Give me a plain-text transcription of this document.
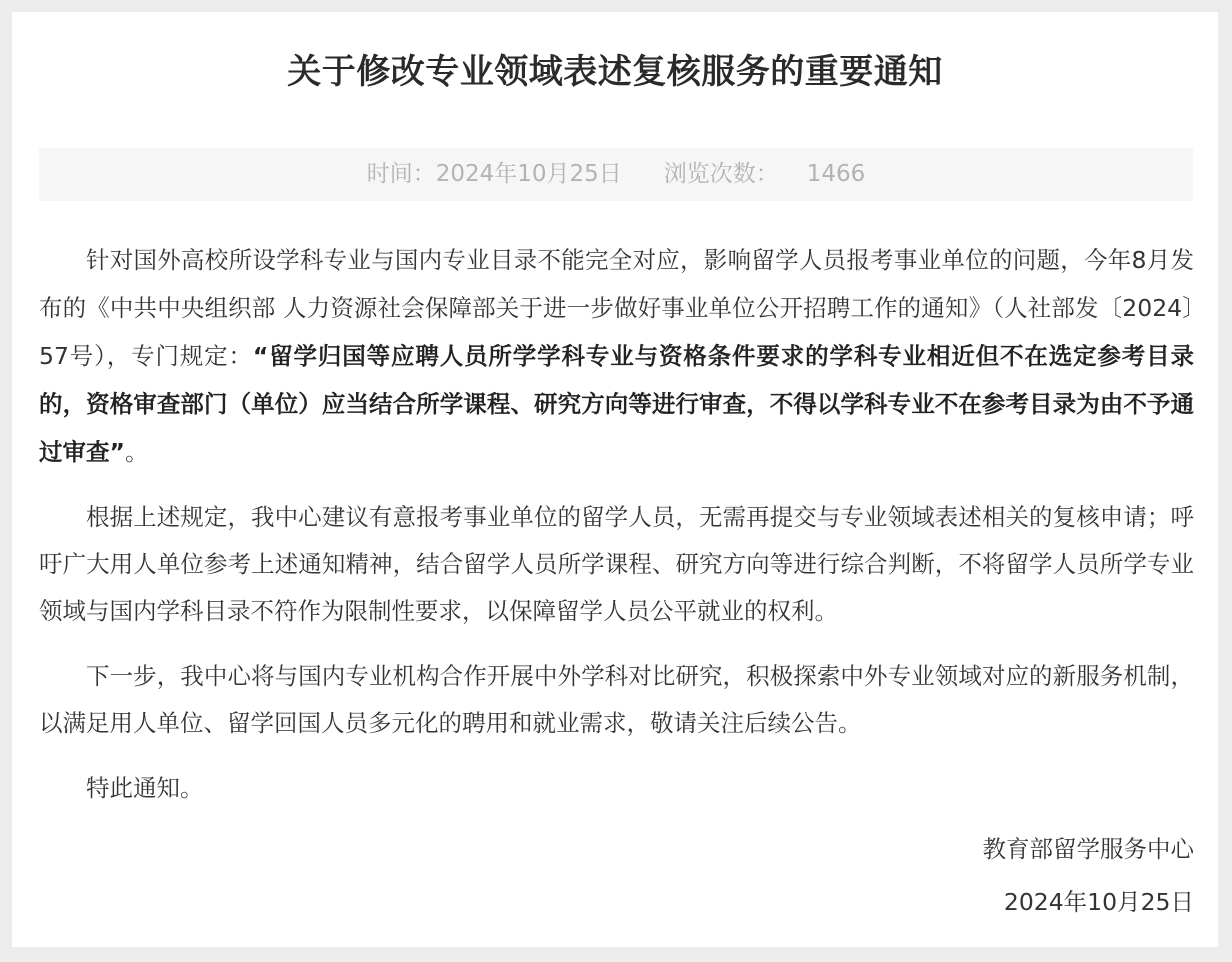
关于修改专业领域表述复核服务的重要通知
时间：2024年10月25日 浏览次数： 1466

针对国外高校所设学科专业与国内专业目录不能完全对应，影响留学人员报考事业单位的问题，今年8月发布的《中共中央组织部 人力资源社会保障部关于进一步做好事业单位公开招聘工作的通知》（人社部发〔2024〕57号），专门规定：“留学归国等应聘人员所学学科专业与资格条件要求的学科专业相近但不在选定参考目录的，资格审查部门（单位）应当结合所学课程、研究方向等进行审查，不得以学科专业不在参考目录为由不予通过审查”。

根据上述规定，我中心建议有意报考事业单位的留学人员，无需再提交与专业领域表述相关的复核申请；呼吁广大用人单位参考上述通知精神，结合留学人员所学课程、研究方向等进行综合判断，不将留学人员所学专业领域与国内学科目录不符作为限制性要求，以保障留学人员公平就业的权利。

下一步，我中心将与国内专业机构合作开展中外学科对比研究，积极探索中外专业领域对应的新服务机制，以满足用人单位、留学回国人员多元化的聘用和就业需求，敬请关注后续公告。

特此通知。

教育部留学服务中心

2024年10月25日
